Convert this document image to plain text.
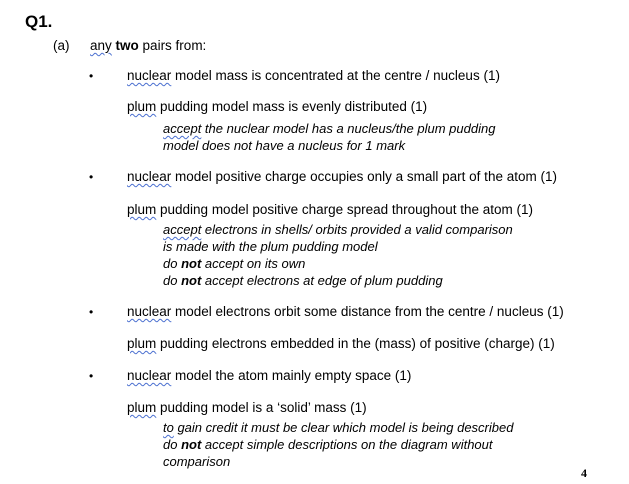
Q1.
(a) any two pairs from:
•	nuclear model mass is concentrated at the centre / nucleus (1)
plum pudding model mass is evenly distributed (1)
accept the nuclear model has a nucleus/the plum pudding
model does not have a nucleus for 1 mark
•	nuclear model positive charge occupies only a small part of the atom (1)
plum pudding model positive charge spread throughout the atom (1)
accept electrons in shells/ orbits provided a valid comparison
is made with the plum pudding model
do not accept on its own
do not accept electrons at edge of plum pudding
•	nuclear model electrons orbit some distance from the centre / nucleus (1)
plum pudding electrons embedded in the (mass) of positive (charge) (1)
•	nuclear model the atom mainly empty space (1)
plum pudding model is a ‘solid’ mass (1)
to gain credit it must be clear which model is being described
do not accept simple descriptions on the diagram without
comparison
4
